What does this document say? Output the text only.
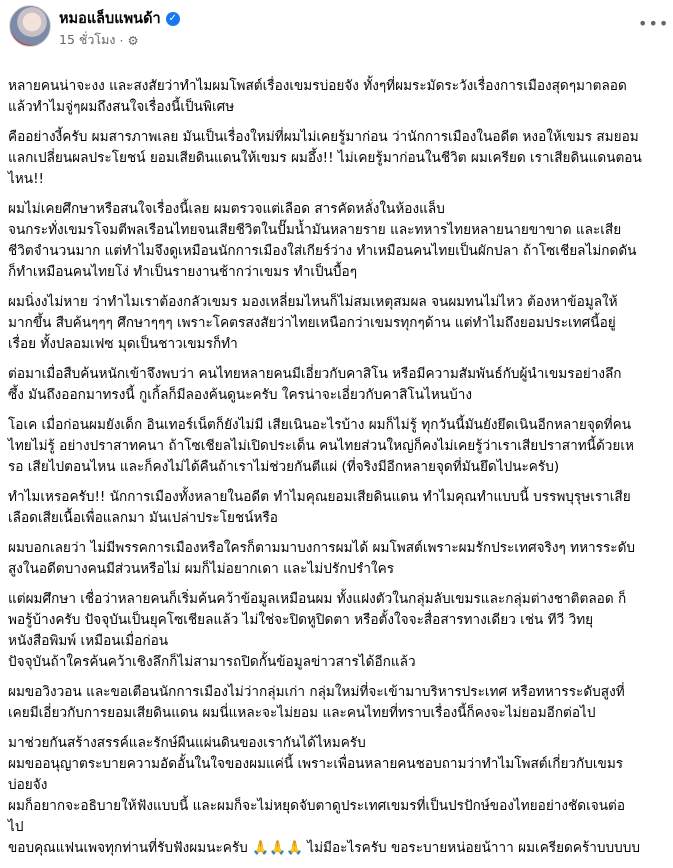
หมอแล็บแพนด้า ✓
15 ชั่วโมง · ⚙
•••
หลายคนน่าจะงง และสงสัยว่าทำไมผมโพสต์เรื่องเขมรบ่อยจัง ทั้งๆที่ผมระมัดระวังเรื่องการเมืองสุดๆมาตลอด
แล้วทำไมจู่ๆผมถึงสนใจเรื่องนี้เป็นพิเศษ
คืออย่างงี้ครับ ผมสารภาพเลย มันเป็นเรื่องใหม่ที่ผมไม่เคยรู้มาก่อน ว่านักการเมืองในอดีต หงอให้เขมร สมยอม
แลกเปลี่ยนผลประโยชน์ ยอมเสียดินแดนให้เขมร ผมอึ้ง!! ไม่เคยรู้มาก่อนในชีวิต ผมเครียด เราเสียดินแดนตอน
ไหน!!
ผมไม่เคยศึกษาหรือสนใจเรื่องนี้เลย ผมตรวจแต่เลือด สารคัดหลั่งในห้องแล็บ
จนกระทั่งเขมรโจมตีพลเรือนไทยจนเสียชีวิตในปั๊มน้ำมันหลายราย และทหารไทยหลายนายขาขาด และเสีย
ชีวิตจำนวนมาก แต่ทำไมจึงดูเหมือนนักการเมืองใส่เกียร์ว่าง ทำเหมือนคนไทยเป็นผักปลา ถ้าโซเชียลไม่กดดัน
ก็ทำเหมือนคนไทยโง่ ทำเป็นรายงานช้ากว่าเขมร ทำเป็นบื้อๆ
ผมนิ่งงไม่หาย ว่าทำไมเราต้องกลัวเขมร มองเหลี่ยมไหนก็ไม่สมเหตุสมผล จนผมทนไม่ไหว ต้องหาข้อมูลให้
มากขึ้น สืบค้นๆๆๆ ศึกษาๆๆๆ เพราะโคตรสงสัยว่าไทยเหนือกว่าเขมรทุกๆด้าน แต่ทำไมถึงยอมประเทศนี้อยู่
เรื่อย ทั้งปลอมเฟซ มุดเป็นชาวเขมรก็ทำ
ต่อมาเมื่อสืบค้นหนักเข้าจึงพบว่า คนไทยหลายคนมีเอี่ยวกับคาสิโน หรือมีความสัมพันธ์กับผู้นำเขมรอย่างลึก
ซึ้ง มันถึงออกมาทรงนี้ กูเกิ้ลก็มีลองค้นดูนะครับ ใครน่าจะเอี่ยวกับคาสิโนไหนบ้าง
โอเค เมื่อก่อนผมยังเด็ก อินเทอร์เน็ตก็ยังไม่มี เสียเนินอะไรบ้าง ผมก็ไม่รู้ ทุกวันนี้มันยังยึดเนินอีกหลายจุดที่คน
ไทยไม่รู้ อย่างปราสาทคนา ถ้าโซเชียลไม่เปิดประเด็น คนไทยส่วนใหญ่ก็คงไม่เคยรู้ว่าเราเสียปราสาทนี้ด้วยเห
รอ เสียไปตอนไหน และก็คงไม่ได้คืนถ้าเราไม่ช่วยกันตีแผ่ (ที่จริงมีอีกหลายจุดที่มันยึดไปนะครับ)
ทำไมเหรอครับ!! นักการเมืองทั้งหลายในอดีต ทำไมคุณยอมเสียดินแดน ทำไมคุณทำแบบนี้ บรรพบุรุษเราเสีย
เลือดเสียเนื้อเพื่อแลกมา มันเปล่าประโยชน์หรือ
ผมบอกเลยว่า ไม่มีพรรคการเมืองหรือใครก็ตามมาบงการผมได้ ผมโพสต์เพราะผมรักประเทศจริงๆ ทหารระดับ
สูงในอดีตบางคนมีส่วนหรือไม่ ผมก็ไม่อยากเดา และไม่ปรักปรำใคร
แต่ผมศึกษา เชื่อว่าหลายคนก็เริ่มค้นคว้าข้อมูลเหมือนผม ทั้งแฝงตัวในกลุ่มลับเขมรและกลุ่มต่างชาติตลอด ก็
พอรู้บ้างครับ ปัจจุบันเป็นยุคโซเชียลแล้ว ไม่ใช่จะปิดหูปิดตา หรือตั้งใจจะสื่อสารทางเดียว เช่น ทีวี วิทยุ
หนังสือพิมพ์ เหมือนเมื่อก่อน
ปัจจุบันถ้าใครค้นคว้าเชิงลึกก็ไม่สามารถปิดกั้นข้อมูลข่าวสารได้อีกแล้ว
ผมขอวิงวอน และขอเตือนนักการเมืองไม่ว่ากลุ่มเก่า กลุ่มใหม่ที่จะเข้ามาบริหารประเทศ หรือทหารระดับสูงที่
เคยมีเอี่ยวกับการยอมเสียดินแดน ผมนี่แหละจะไม่ยอม และคนไทยที่ทราบเรื่องนี้ก็คงจะไม่ยอมอีกต่อไป
มาช่วยกันสร้างสรรค์และรักษ์ผืนแผ่นดินของเรากันได้ไหมครับ
ผมขออนุญาตระบายความอัดอั้นในใจของผมแค่นี้ เพราะเพื่อนหลายคนชอบถามว่าทำไมโพสต์เกี่ยวกับเขมร
บ่อยจัง
ผมก็อยากจะอธิบายให้ฟังแบบนี้ และผมก็จะไม่หยุดจับตาดูประเทศเขมรที่เป็นปรปักษ์ของไทยอย่างชัดเจนต่อ
ไป
ขอบคุณแฟนเพจทุกท่านที่รับฟังผมนะครับ 🙏🙏🙏 ไม่มีอะไรครับ ขอระบายหน่อยน้าาา ผมเครียดคร้าบบบบบ
